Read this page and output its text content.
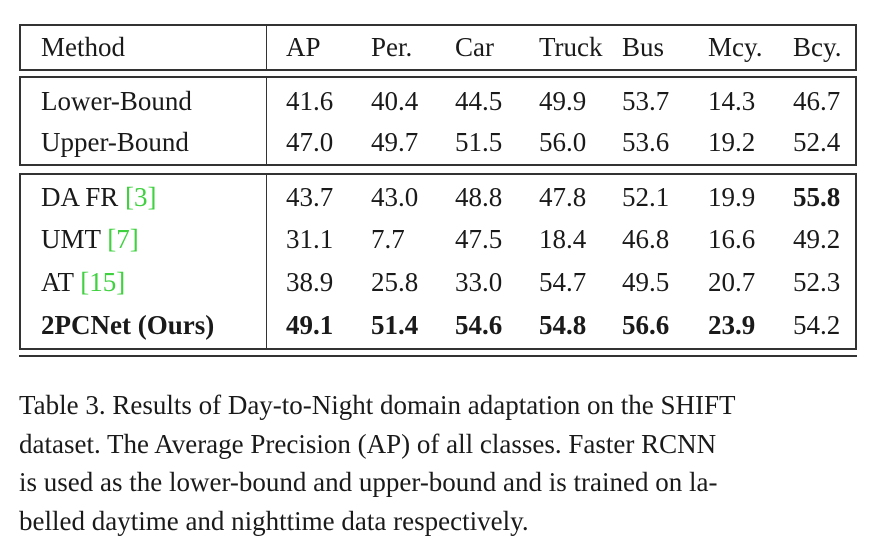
Method	AP Per. Car Truck Bus Mcy. Bcy.
Lower-Bound	41.6 40.4 44.5 49.9 53.7 14.3 46.7
Upper-Bound	47.0 49.7 51.5 56.0 53.6 19.2 52.4
DA FR [3]	43.7 43.0 48.8 47.8 52.1 19.9 55.8
UMT [7]	31.1 7.7 47.5 18.4 46.8 16.6 49.2
AT [15]	38.9 25.8 33.0 54.7 49.5 20.7 52.3
2PCNet (Ours)	49.1 51.4 54.6 54.8 56.6 23.9 54.2
Table 3. Results of Day-to-Night domain adaptation on the SHIFT
dataset. The Average Precision (AP) of all classes. Faster RCNN
is used as the lower-bound and upper-bound and is trained on la-
belled daytime and nighttime data respectively.
